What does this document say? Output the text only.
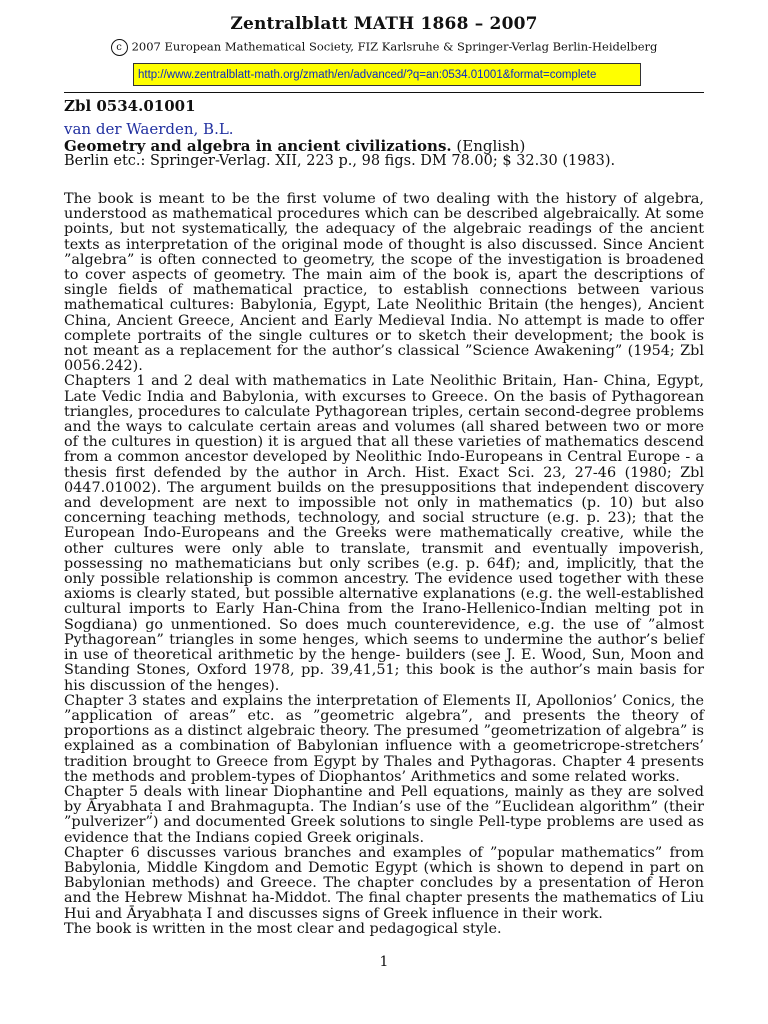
Zentralblatt MATH 1868 – 2007
c 2007 European Mathematical Society, FIZ Karlsruhe & Springer-Verlag Berlin-Heidelberg
http://www.zentralblatt-math.org/zmath/en/advanced/?q=an:0534.01001&format=complete
Zbl 0534.01001
van der Waerden, B.L.
Geometry and algebra in ancient civilizations. (English)
Berlin etc.: Springer-Verlag. XII, 223 p., 98 figs. DM 78.00; $ 32.30 (1983).

The book is meant to be the first volume of two dealing with the history of algebra, understood as mathematical procedures which can be described algebraically. At some points, but not systematically, the adequacy of the algebraic readings of the ancient texts as interpretation of the original mode of thought is also discussed. Since Ancient ”algebra” is often connected to geometry, the scope of the investigation is broadened to cover aspects of geometry. The main aim of the book is, apart the descriptions of single fields of mathematical practice, to establish connections between various mathematical cultures: Babylonia, Egypt, Late Neolithic Britain (the henges), Ancient China, Ancient Greece, Ancient and Early Medieval India. No attempt is made to offer complete portraits of the single cultures or to sketch their development; the book is not meant as a replacement for the author’s classical ”Science Awakening” (1954; Zbl 0056.242).

Chapters 1 and 2 deal with mathematics in Late Neolithic Britain, Han- China, Egypt, Late Vedic India and Babylonia, with excurses to Greece. On the basis of Pythagorean triangles, procedures to calculate Pythagorean triples, certain second-degree problems and the ways to calculate certain areas and volumes (all shared between two or more of the cultures in question) it is argued that all these varieties of mathematics descend from a common ancestor developed by Neolithic Indo-Europeans in Central Europe - a thesis first defended by the author in Arch. Hist. Exact Sci. 23, 27-46 (1980; Zbl 0447.01002). The argument builds on the presuppositions that independent discovery and development are next to impossible not only in mathematics (p. 10) but also concerning teaching methods, technology, and social structure (e.g. p. 23); that the European Indo-Europeans and the Greeks were mathematically creative, while the other cultures were only able to translate, transmit and eventually impoverish, possessing no mathematicians but only scribes (e.g. p. 64f); and, implicitly, that the only possible relationship is common ancestry. The evidence used together with these axioms is clearly stated, but possible alternative explanations (e.g. the well-established cultural imports to Early Han-China from the Irano-Hellenico-Indian melting pot in Sogdiana) go unmentioned. So does much counterevidence, e.g. the use of ”almost Pythagorean” triangles in some henges, which seems to undermine the author’s belief in use of theoretical arithmetic by the henge- builders (see J. E. Wood, Sun, Moon and Standing Stones, Oxford 1978, pp. 39,41,51; this book is the author’s main basis for his discussion of the henges).

Chapter 3 states and explains the interpretation of Elements II, Apollonios’ Conics, the ”application of areas” etc. as ”geometric algebra”, and presents the theory of proportions as a distinct algebraic theory. The presumed ”geometrization of algebra” is explained as a combination of Babylonian influence with a geometricrope-stretchers’ tradition brought to Greece from Egypt by Thales and Pythagoras. Chapter 4 presents the methods and problem-types of Diophantos’ Arithmetics and some related works.

Chapter 5 deals with linear Diophantine and Pell equations, mainly as they are solved by Āryabhaṭa I and Brahmagupta. The Indian’s use of the ”Euclidean algorithm” (their ”pulverizer”) and documented Greek solutions to single Pell-type problems are used as evidence that the Indians copied Greek originals.

Chapter 6 discusses various branches and examples of ”popular mathematics” from Babylonia, Middle Kingdom and Demotic Egypt (which is shown to depend in part on Babylonian methods) and Greece. The chapter concludes by a presentation of Heron and the Hebrew Mishnat ha-Middot. The final chapter presents the mathematics of Liu Hui and Āryabhaṭa I and discusses signs of Greek influence in their work.

The book is written in the most clear and pedagogical style.

1
